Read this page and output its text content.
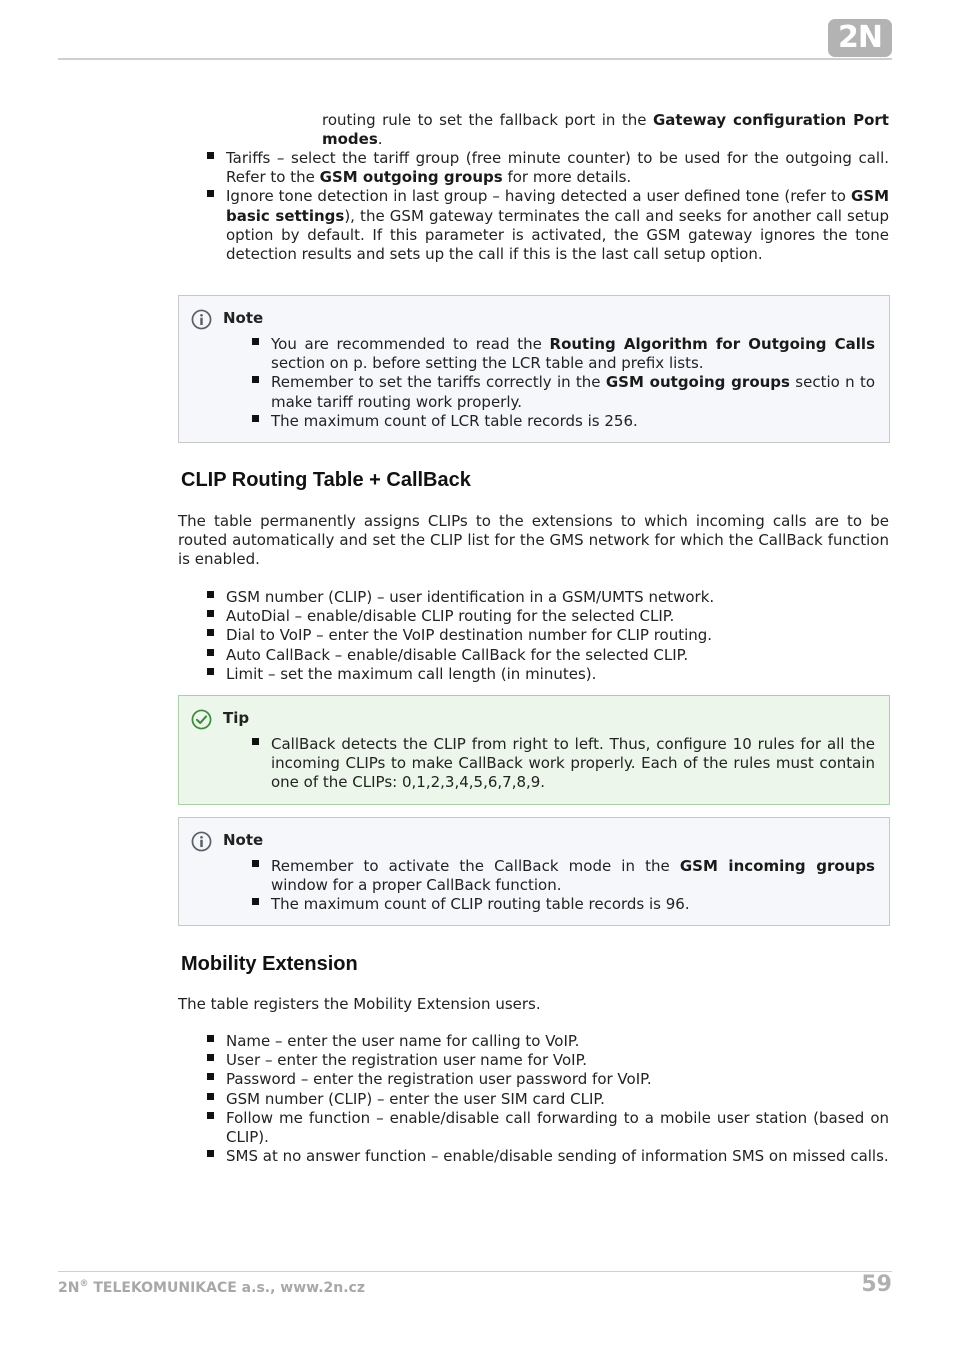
2N
routing rule to set the fallback port in the Gateway configuration Port modes.
Tariffs – select the tariff group (free minute counter) to be used for the outgoing call. Refer to the GSM outgoing groups for more details.
Ignore tone detection in last group – having detected a user defined tone (refer to GSM basic settings), the GSM gateway terminates the call and seeks for another call setup option by default. If this parameter is activated, the GSM gateway ignores the tone detection results and sets up the call if this is the last call setup option.
Note
You are recommended to read the Routing Algorithm for Outgoing Calls section on p. before setting the LCR table and prefix lists.
Remember to set the tariffs correctly in the GSM outgoing groups sectio n to make tariff routing work properly.
The maximum count of LCR table records is 256.
CLIP Routing Table + CallBack
The table permanently assigns CLIPs to the extensions to which incoming calls are to be routed automatically and set the CLIP list for the GMS network for which the CallBack function is enabled.
GSM number (CLIP) – user identification in a GSM/UMTS network.
AutoDial – enable/disable CLIP routing for the selected CLIP.
Dial to VoIP – enter the VoIP destination number for CLIP routing.
Auto CallBack – enable/disable CallBack for the selected CLIP.
Limit – set the maximum call length (in minutes).
Tip
CallBack detects the CLIP from right to left. Thus, configure 10 rules for all the incoming CLIPs to make CallBack work properly. Each of the rules must contain one of the CLIPs: 0,1,2,3,4,5,6,7,8,9.
Note
Remember to activate the CallBack mode in the GSM incoming groups window for a proper CallBack function.
The maximum count of CLIP routing table records is 96.
Mobility Extension
The table registers the Mobility Extension users.
Name – enter the user name for calling to VoIP.
User – enter the registration user name for VoIP.
Password – enter the registration user password for VoIP.
GSM number (CLIP) – enter the user SIM card CLIP.
Follow me function – enable/disable call forwarding to a mobile user station (based on CLIP).
SMS at no answer function – enable/disable sending of information SMS on missed calls.
2N® TELEKOMUNIKACE a.s., www.2n.cz	59
